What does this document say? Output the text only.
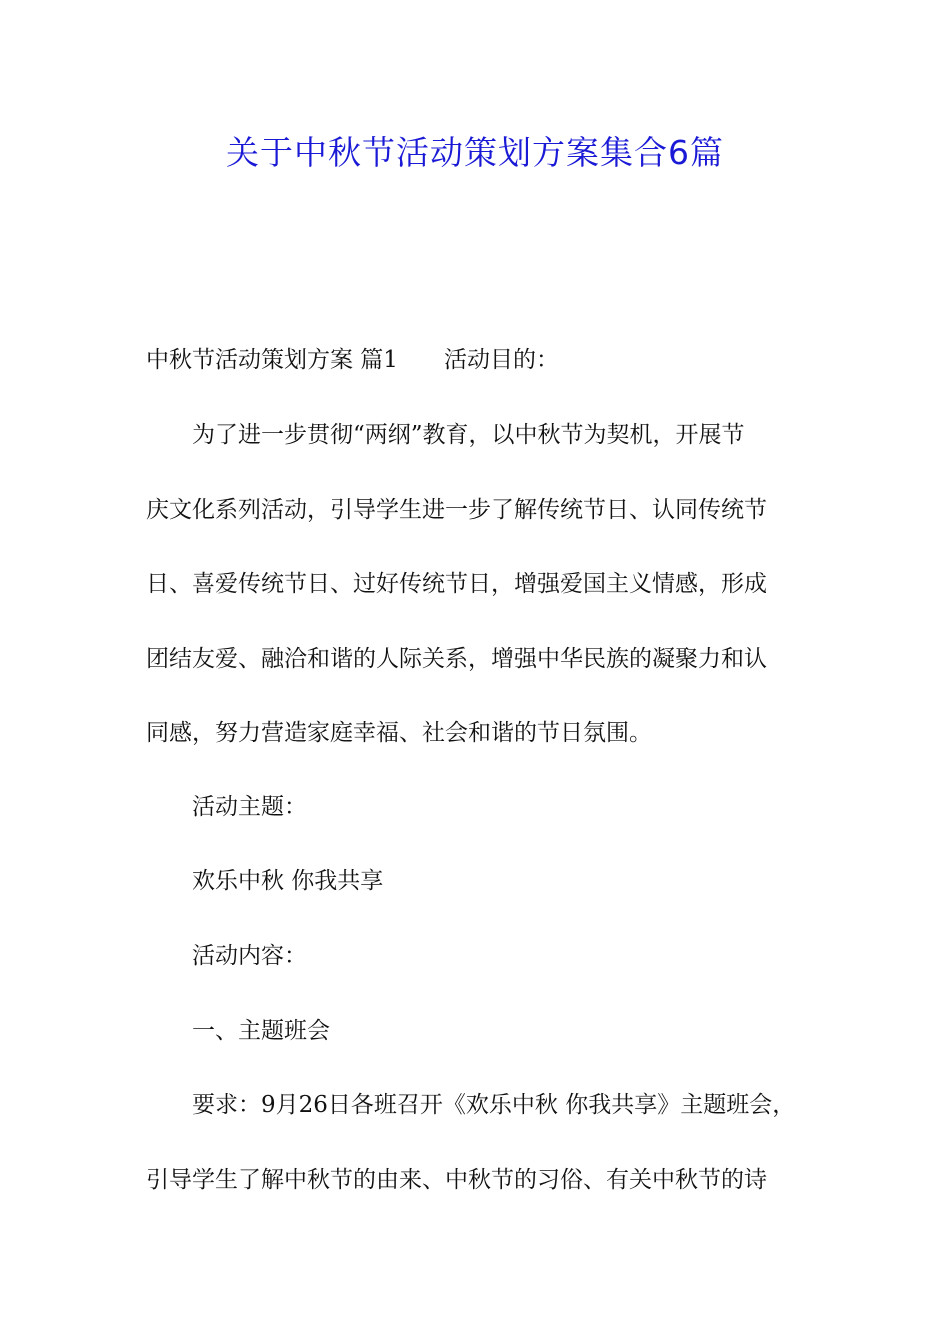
关于中秋节活动策划方案集合6篇
中秋节活动策划方案 篇1 活动目的：
为了进一步贯彻“两纲”教育，以中秋节为契机，开展节
庆文化系列活动，引导学生进一步了解传统节日、认同传统节
日、喜爱传统节日、过好传统节日，增强爱国主义情感，形成
团结友爱、融洽和谐的人际关系，增强中华民族的凝聚力和认
同感，努力营造家庭幸福、社会和谐的节日氛围。
活动主题：
欢乐中秋 你我共享
活动内容：
一、主题班会
要求：9月26日各班召开《欢乐中秋 你我共享》主题班会，
引导学生了解中秋节的由来、中秋节的习俗、有关中秋节的诗
